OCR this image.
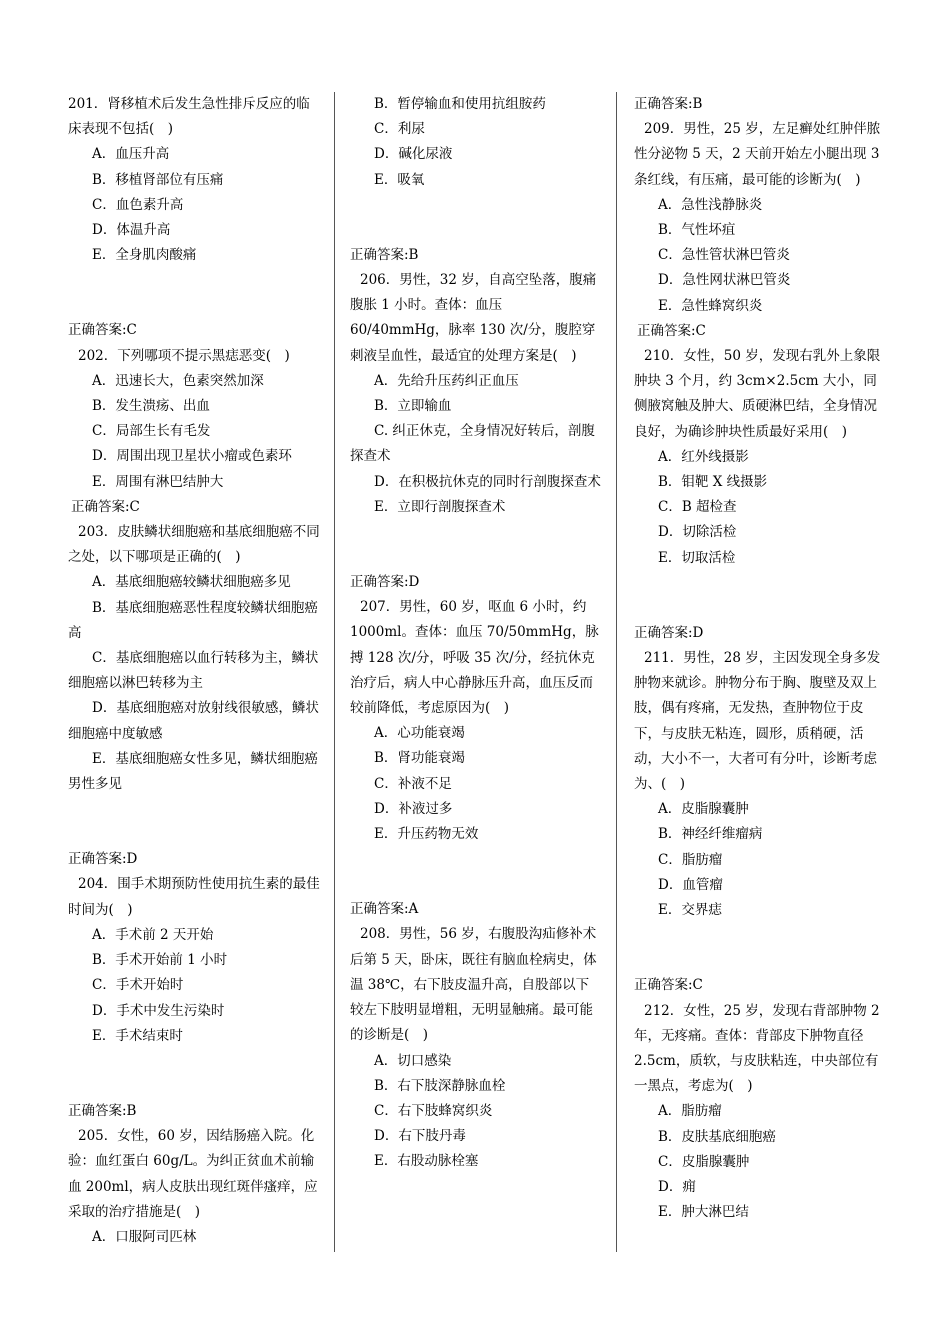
201．肾移植术后发生急性排斥反应的临床表现不包括(　)
A．血压升高
B．移植肾部位有压痛
C．血色素升高
D．体温升高
E．全身肌肉酸痛
正确答案:C
202．下列哪项不提示黑痣恶变(　)
A．迅速长大，色素突然加深
B．发生溃疡、出血
C．局部生长有毛发
D．周围出现卫星状小瘤或色素环
E．周围有淋巴结肿大
正确答案:C
203．皮肤鳞状细胞癌和基底细胞癌不同之处，以下哪项是正确的(　)
A．基底细胞癌较鳞状细胞癌多见
B．基底细胞癌恶性程度较鳞状细胞癌高
C．基底细胞癌以血行转移为主，鳞状细胞癌以淋巴转移为主
D．基底细胞癌对放射线很敏感，鳞状细胞癌中度敏感
E．基底细胞癌女性多见，鳞状细胞癌男性多见
正确答案:D
204．围手术期预防性使用抗生素的最佳时间为(　)
A．手术前 2 天开始
B．手术开始前 1 小时
C．手术开始时
D．手术中发生污染时
E．手术结束时
正确答案:B
205．女性，60 岁，因结肠癌入院。化验：血红蛋白 60g/L。为纠正贫血术前输血 200ml，病人皮肤出现红斑伴瘙痒，应采取的治疗措施是(　)
A．口服阿司匹林
B．暂停输血和使用抗组胺药
C．利尿
D．碱化尿液
E．吸氧
正确答案:B
206．男性，32 岁，自高空坠落，腹痛腹胀 1 小时。查体：血压 60/40mmHg，脉率 130 次/分，腹腔穿刺液呈血性，最适宜的处理方案是(　)
A．先给升压药纠正血压
B．立即输血
C. 纠正休克，全身情况好转后，剖腹探查术
D．在积极抗休克的同时行剖腹探查术
E．立即行剖腹探查术
正确答案:D
207．男性，60 岁，呕血 6 小时，约 1000ml。查体：血压 70/50mmHg，脉搏 128 次/分，呼吸 35 次/分，经抗休克治疗后，病人中心静脉压升高，血压反而较前降低，考虑原因为(　)
A．心功能衰竭
B．肾功能衰竭
C．补液不足
D．补液过多
E．升压药物无效
正确答案:A
208．男性，56 岁，右腹股沟疝修补术后第 5 天，卧床，既往有脑血栓病史，体温 38℃，右下肢皮温升高，自股部以下较左下肢明显增粗，无明显触痛。最可能的诊断是(　)
A．切口感染
B．右下肢深静脉血栓
C．右下肢蜂窝织炎
D．右下肢丹毒
E．右股动脉栓塞
正确答案:B
209．男性，25 岁，左足癣处红肿伴脓性分泌物 5 天，2 天前开始左小腿出现 3 条红线，有压痛，最可能的诊断为(　)
A．急性浅静脉炎
B．气性坏疽
C．急性管状淋巴管炎
D．急性网状淋巴管炎
E．急性蜂窝织炎
正确答案:C
210．女性，50 岁，发现右乳外上象限肿块 3 个月，约 3cm×2.5cm 大小，同侧腋窝触及肿大、质硬淋巴结，全身情况良好，为确诊肿块性质最好采用(　)
A．红外线摄影
B．钼靶 X 线摄影
C．B 超检查
D．切除活检
E．切取活检
正确答案:D
211．男性，28 岁，主因发现全身多发肿物来就诊。肿物分布于胸、腹壁及双上肢，偶有疼痛，无发热，查肿物位于皮下，与皮肤无粘连，圆形，质稍硬，活动，大小不一，大者可有分叶，诊断考虑为、(　)
A．皮脂腺囊肿
B．神经纤维瘤病
C．脂肪瘤
D．血管瘤
E．交界痣
正确答案:C
212．女性，25 岁，发现右背部肿物 2 年，无疼痛。查体：背部皮下肿物直径 2.5cm，质软，与皮肤粘连，中央部位有一黑点，考虑为(　)
A．脂肪瘤
B．皮肤基底细胞癌
C．皮脂腺囊肿
D．痈
E．肿大淋巴结
